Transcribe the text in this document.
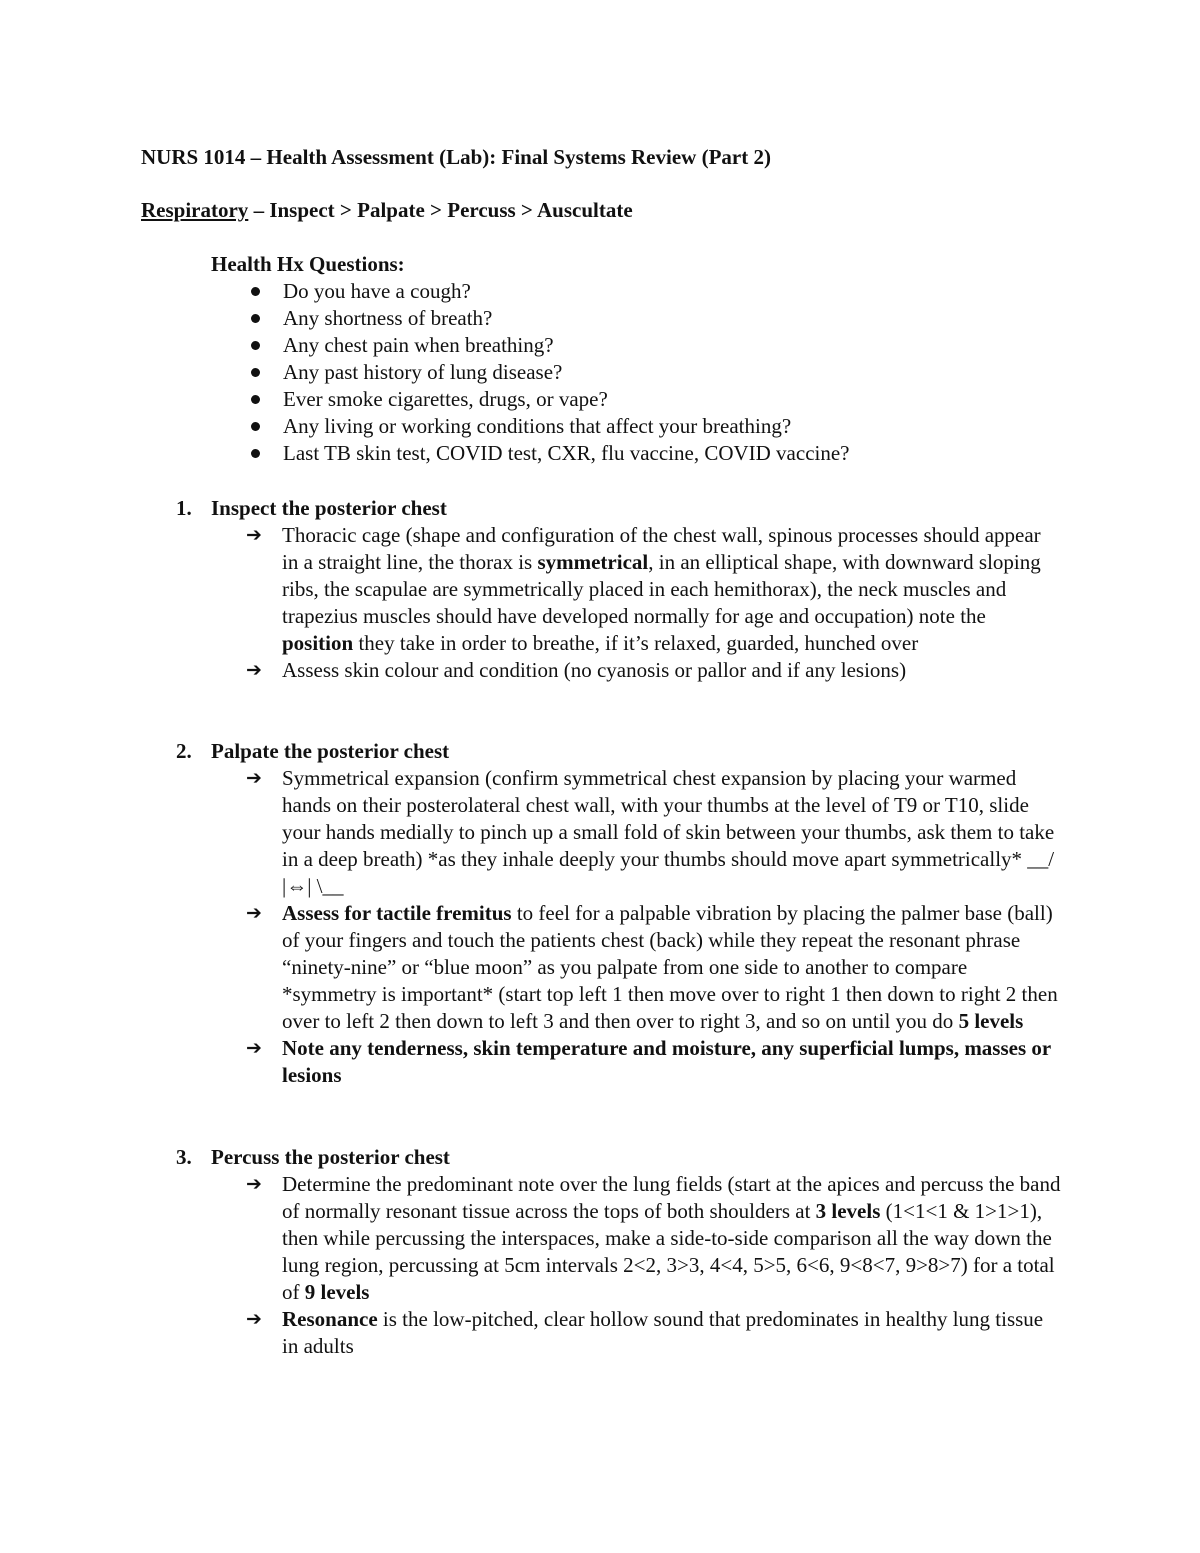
NURS 1014 – Health Assessment (Lab): Final Systems Review (Part 2)
Respiratory – Inspect > Palpate > Percuss > Auscultate
Health Hx Questions:
Do you have a cough?
Any shortness of breath?
Any chest pain when breathing?
Any past history of lung disease?
Ever smoke cigarettes, drugs, or vape?
Any living or working conditions that affect your breathing?
Last TB skin test, COVID test, CXR, flu vaccine, COVID vaccine?
1. Inspect the posterior chest
➔ Thoracic cage (shape and configuration of the chest wall, spinous processes should appear in a straight line, the thorax is symmetrical, in an elliptical shape, with downward sloping ribs, the scapulae are symmetrically placed in each hemithorax), the neck muscles and trapezius muscles should have developed normally for age and occupation) note the position they take in order to breathe, if it’s relaxed, guarded, hunched over
➔ Assess skin colour and condition (no cyanosis or pallor and if any lesions)
2. Palpate the posterior chest
➔ Symmetrical expansion (confirm symmetrical chest expansion by placing your warmed hands on their posterolateral chest wall, with your thumbs at the level of T9 or T10, slide your hands medially to pinch up a small fold of skin between your thumbs, ask them to take in a deep breath) *as they inhale deeply your thumbs should move apart symmetrically* __/ |⇔| \__
➔ Assess for tactile fremitus to feel for a palpable vibration by placing the palmer base (ball) of your fingers and touch the patients chest (back) while they repeat the resonant phrase “ninety-nine” or “blue moon” as you palpate from one side to another to compare *symmetry is important* (start top left 1 then move over to right 1 then down to right 2 then over to left 2 then down to left 3 and then over to right 3, and so on until you do 5 levels
➔ Note any tenderness, skin temperature and moisture, any superficial lumps, masses or lesions
3. Percuss the posterior chest
➔ Determine the predominant note over the lung fields (start at the apices and percuss the band of normally resonant tissue across the tops of both shoulders at 3 levels (1<1<1 & 1>1>1), then while percussing the interspaces, make a side-to-side comparison all the way down the lung region, percussing at 5cm intervals 2<2, 3>3, 4<4, 5>5, 6<6, 9<8<7, 9>8>7) for a total of 9 levels
➔ Resonance is the low-pitched, clear hollow sound that predominates in healthy lung tissue in adults
